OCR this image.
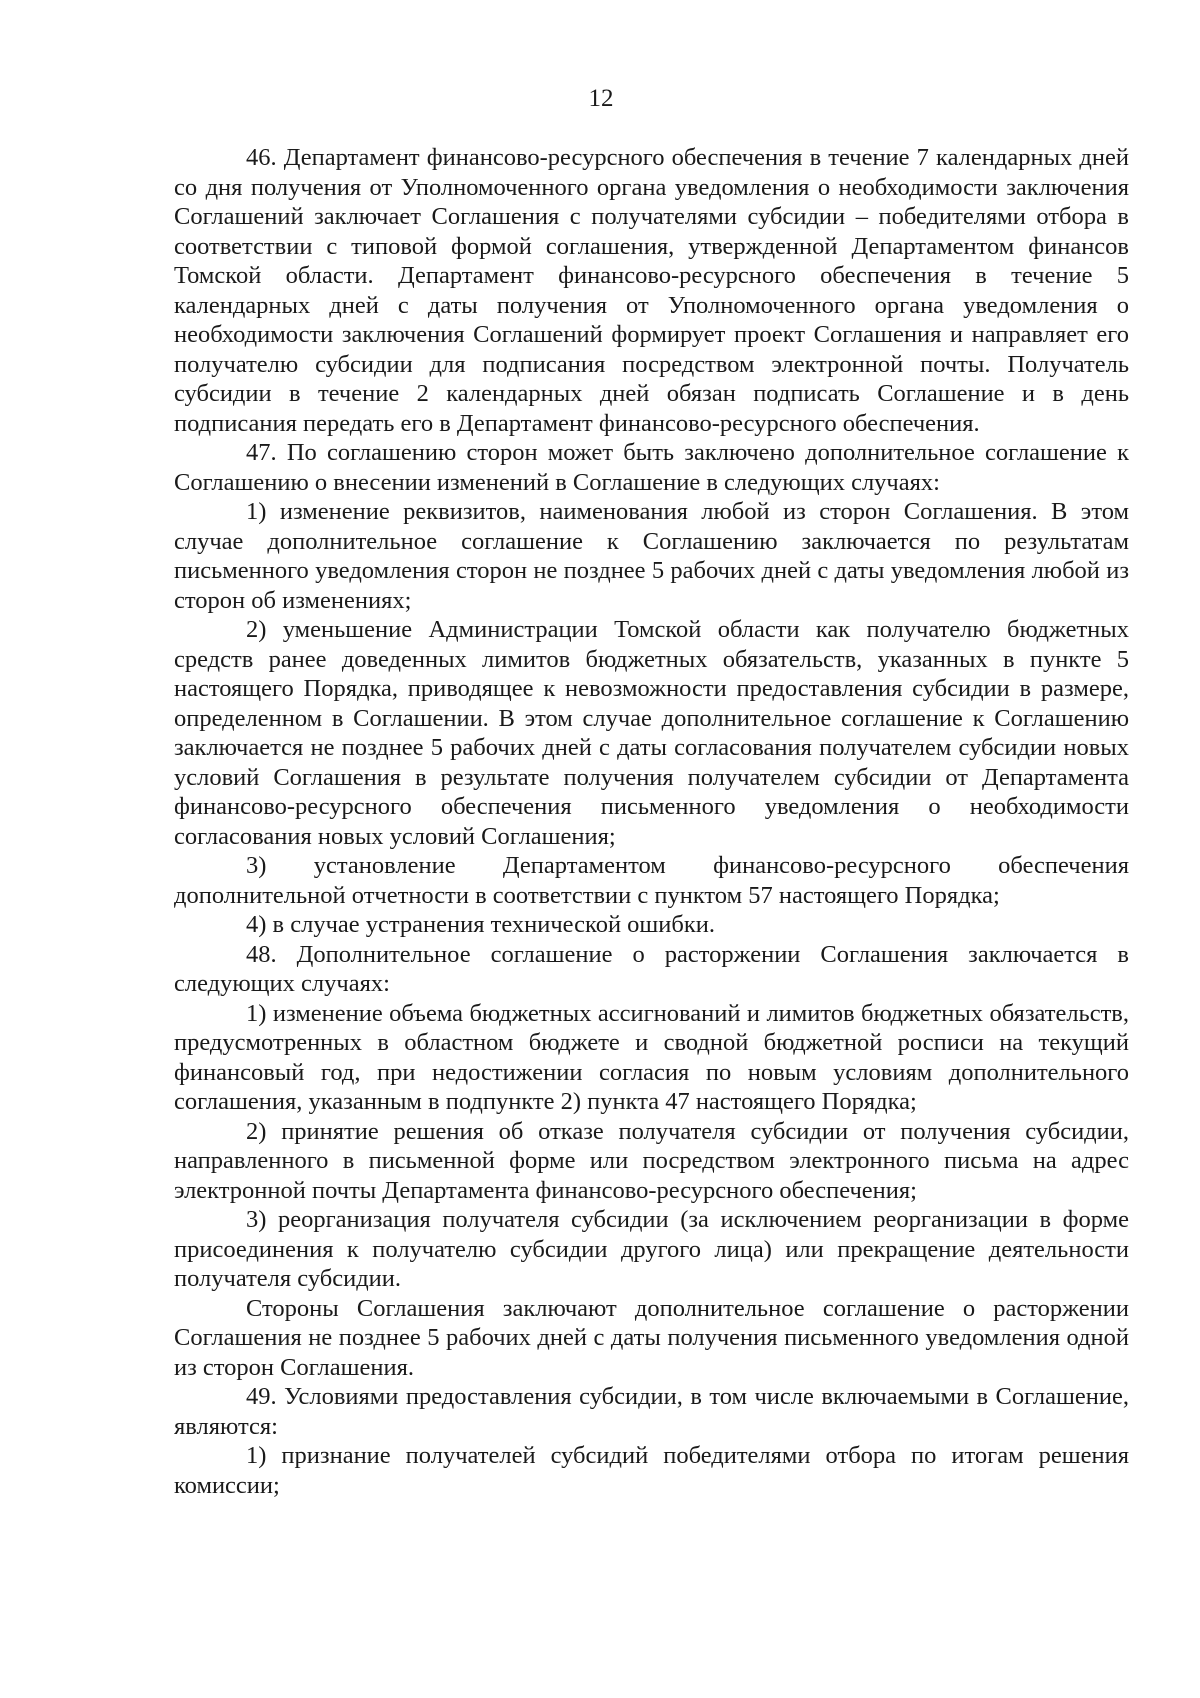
12

46. Департамент финансово-ресурсного обеспечения в течение 7 календарных дней со дня получения от Уполномоченного органа уведомления о необходимости заключения Соглашений заключает Соглашения с получателями субсидии – победителями отбора в соответствии с типовой формой соглашения, утвержденной Департаментом финансов Томской области. Департамент финансово-ресурсного обеспечения в течение 5 календарных дней с даты получения от Уполномоченного органа уведомления о необходимости заключения Соглашений формирует проект Соглашения и направляет его получателю субсидии для подписания посредством электронной почты. Получатель субсидии в течение 2 календарных дней обязан подписать Соглашение и в день подписания передать его в Департамент финансово-ресурсного обеспечения.

47. По соглашению сторон может быть заключено дополнительное соглашение к Соглашению о внесении изменений в Соглашение в следующих случаях:

1) изменение реквизитов, наименования любой из сторон Соглашения. В этом случае дополнительное соглашение к Соглашению заключается по результатам письменного уведомления сторон не позднее 5 рабочих дней с даты уведомления любой из сторон об изменениях;

2) уменьшение Администрации Томской области как получателю бюджетных средств ранее доведенных лимитов бюджетных обязательств, указанных в пункте 5 настоящего Порядка, приводящее к невозможности предоставления субсидии в размере, определенном в Соглашении. В этом случае дополнительное соглашение к Соглашению заключается не позднее 5 рабочих дней с даты согласования получателем субсидии новых условий Соглашения в результате получения получателем субсидии от Департамента финансово-ресурсного обеспечения письменного уведомления о необходимости согласования новых условий Соглашения;

3) установление Департаментом финансово-ресурсного обеспечения дополнительной отчетности в соответствии с пунктом 57 настоящего Порядка;

4) в случае устранения технической ошибки.

48. Дополнительное соглашение о расторжении Соглашения заключается в следующих случаях:

1) изменение объема бюджетных ассигнований и лимитов бюджетных обязательств, предусмотренных в областном бюджете и сводной бюджетной росписи на текущий финансовый год, при недостижении согласия по новым условиям дополнительного соглашения, указанным в подпункте 2) пункта 47 настоящего Порядка;

2) принятие решения об отказе получателя субсидии от получения субсидии, направленного в письменной форме или посредством электронного письма на адрес электронной почты Департамента финансово-ресурсного обеспечения;

3) реорганизация получателя субсидии (за исключением реорганизации в форме присоединения к получателю субсидии другого лица) или прекращение деятельности получателя субсидии.

Стороны Соглашения заключают дополнительное соглашение о расторжении Соглашения не позднее 5 рабочих дней с даты получения письменного уведомления одной из сторон Соглашения.

49. Условиями предоставления субсидии, в том числе включаемыми в Соглашение, являются:

1) признание получателей субсидий победителями отбора по итогам решения комиссии;
